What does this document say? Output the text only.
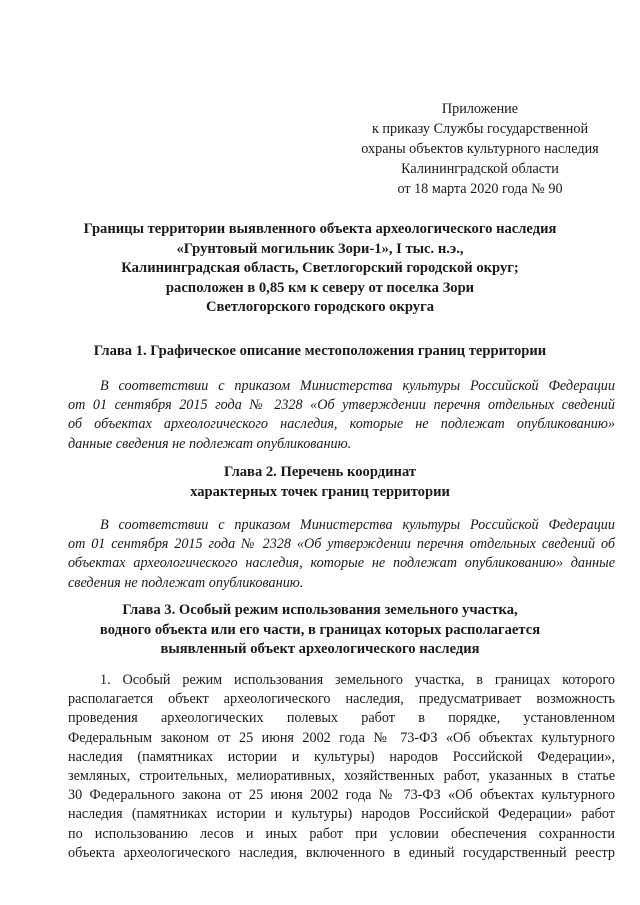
Приложение
к приказу Службы государственной
охраны объектов культурного наследия
Калининградской области
от 18 марта 2020 года № 90
Границы территории выявленного объекта археологического наследия
«Грунтовый могильник Зори-1», I тыс. н.э.,
Калининградская область, Светлогорский городской округ;
расположен в 0,85 км к северу от поселка Зори
Светлогорского городского округа
Глава 1. Графическое описание местоположения границ территории
В соответствии с приказом Министерства культуры Российской Федерации
от 01 сентября 2015 года № 2328 «Об утверждении перечня отдельных сведений
об объектах археологического наследия, которые не подлежат опубликованию»
данные сведения не подлежат опубликованию.
Глава 2. Перечень координат
характерных точек границ территории
В соответствии с приказом Министерства культуры Российской Федерации
от 01 сентября 2015 года № 2328 «Об утверждении перечня отдельных сведений об
объектах археологического наследия, которые не подлежат опубликованию» данные
сведения не подлежат опубликованию.
Глава 3. Особый режим использования земельного участка,
водного объекта или его части, в границах которых располагается
выявленный объект археологического наследия
1. Особый режим использования земельного участка, в границах которого
располагается объект археологического наследия, предусматривает возможность
проведения археологических полевых работ в порядке, установленном
Федеральным законом от 25 июня 2002 года № 73-ФЗ «Об объектах культурного
наследия (памятниках истории и культуры) народов Российской Федерации»,
земляных, строительных, мелиоративных, хозяйственных работ, указанных в статье
30 Федерального закона от 25 июня 2002 года № 73-ФЗ «Об объектах культурного
наследия (памятниках истории и культуры) народов Российской Федерации» работ
по использованию лесов и иных работ при условии обеспечения сохранности
объекта археологического наследия, включенного в единый государственный реестр
